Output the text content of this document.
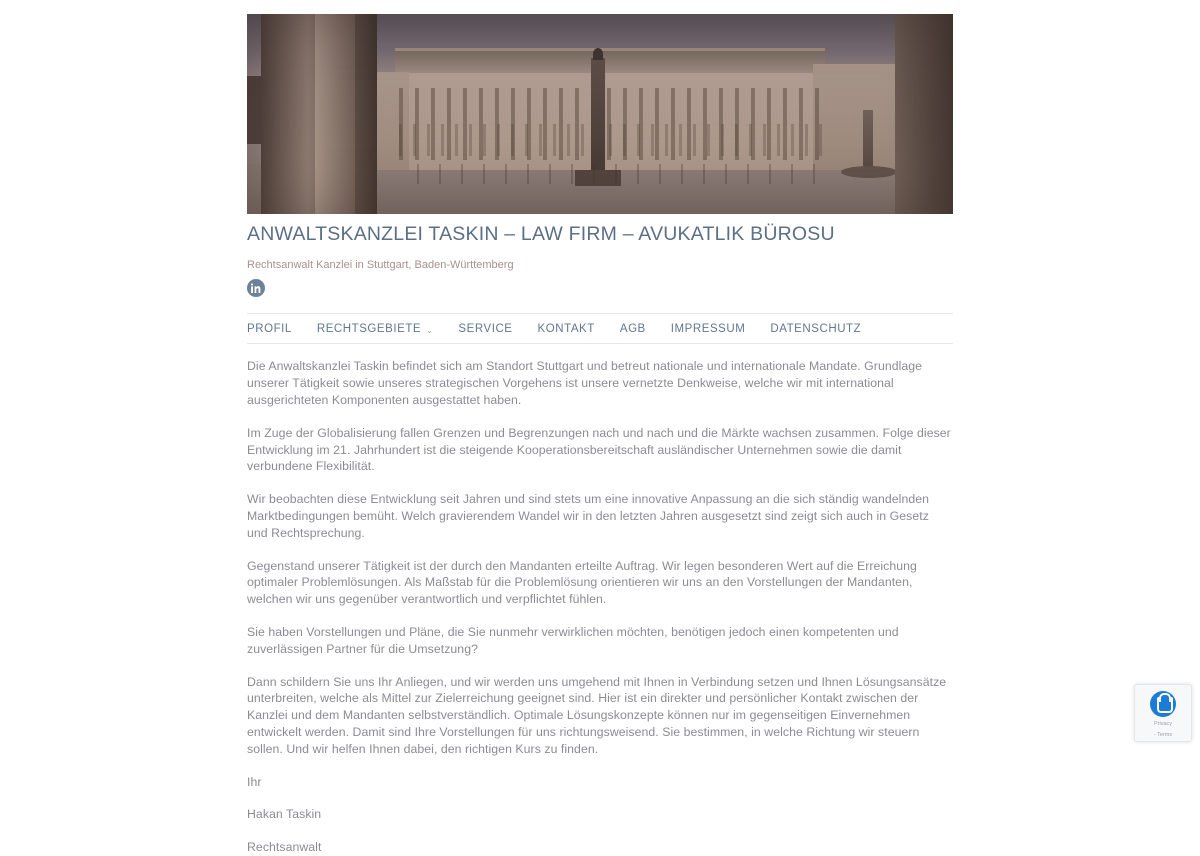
ANWALTSKANZLEI TASKIN – LAW FIRM – AVUKATLIK BÜROSU
Rechtsanwalt Kanzlei in Stuttgart, Baden-Württemberg
PROFIL RECHTSGEBIETE ⌄ SERVICE KONTAKT AGB IMPRESSUM DATENSCHUTZ

Die Anwaltskanzlei Taskin befindet sich am Standort Stuttgart und betreut nationale und internationale Mandate. Grundlage unserer Tätigkeit sowie unseres strategischen Vorgehens ist unsere vernetzte Denkweise, welche wir mit international ausgerichteten Komponenten ausgestattet haben.

Im Zuge der Globalisierung fallen Grenzen und Begrenzungen nach und nach und die Märkte wachsen zusammen. Folge dieser Entwicklung im 21. Jahrhundert ist die steigende Kooperationsbereitschaft ausländischer Unternehmen sowie die damit verbundene Flexibilität.

Wir beobachten diese Entwicklung seit Jahren und sind stets um eine innovative Anpassung an die sich ständig wandelnden Marktbedingungen bemüht. Welch gravierendem Wandel wir in den letzten Jahren ausgesetzt sind zeigt sich auch in Gesetz und Rechtsprechung.

Gegenstand unserer Tätigkeit ist der durch den Mandanten erteilte Auftrag. Wir legen besonderen Wert auf die Erreichung optimaler Problemlösungen. Als Maßstab für die Problemlösung orientieren wir uns an den Vorstellungen der Mandanten, welchen wir uns gegenüber verantwortlich und verpflichtet fühlen.

Sie haben Vorstellungen und Pläne, die Sie nunmehr verwirklichen möchten, benötigen jedoch einen kompetenten und zuverlässigen Partner für die Umsetzung?

Dann schildern Sie uns Ihr Anliegen, und wir werden uns umgehend mit Ihnen in Verbindung setzen und Ihnen Lösungsansätze unterbreiten, welche als Mittel zur Zielerreichung geeignet sind. Hier ist ein direkter und persönlicher Kontakt zwischen der Kanzlei und dem Mandanten selbstverständlich. Optimale Lösungskonzepte können nur im gegenseitigen Einvernehmen entwickelt werden. Damit sind Ihre Vorstellungen für uns richtungsweisend. Sie bestimmen, in welche Richtung wir steuern sollen. Und wir helfen Ihnen dabei, den richtigen Kurs zu finden.

Ihr

Hakan Taskin

Rechtsanwalt

Privacy
- Terms
